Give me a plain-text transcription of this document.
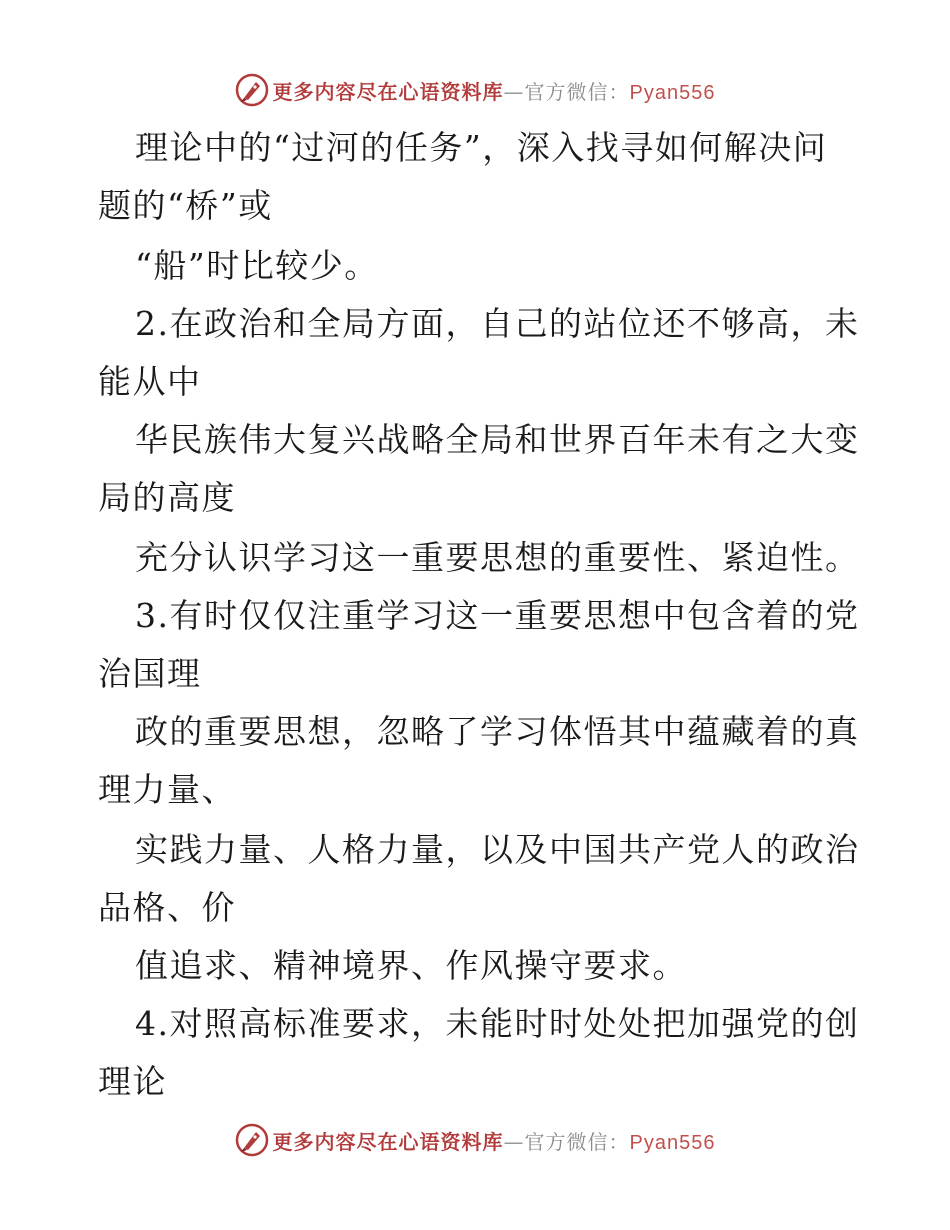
更多内容尽在心语资料库—官方微信：Pyan556
理论中的“过河的任务”，深入找寻如何解决问
题的“桥”或
“船”时比较少。
2.在政治和全局方面，自己的站位还不够高，未
能从中
华民族伟大复兴战略全局和世界百年未有之大变
局的高度
充分认识学习这一重要思想的重要性、紧迫性。
3.有时仅仅注重学习这一重要思想中包含着的党
治国理
政的重要思想，忽略了学习体悟其中蕴藏着的真
理力量、
实践力量、人格力量，以及中国共产党人的政治
品格、价
值追求、精神境界、作风操守要求。
4.对照高标准要求，未能时时处处把加强党的创
理论
更多内容尽在心语资料库—官方微信：Pyan556
